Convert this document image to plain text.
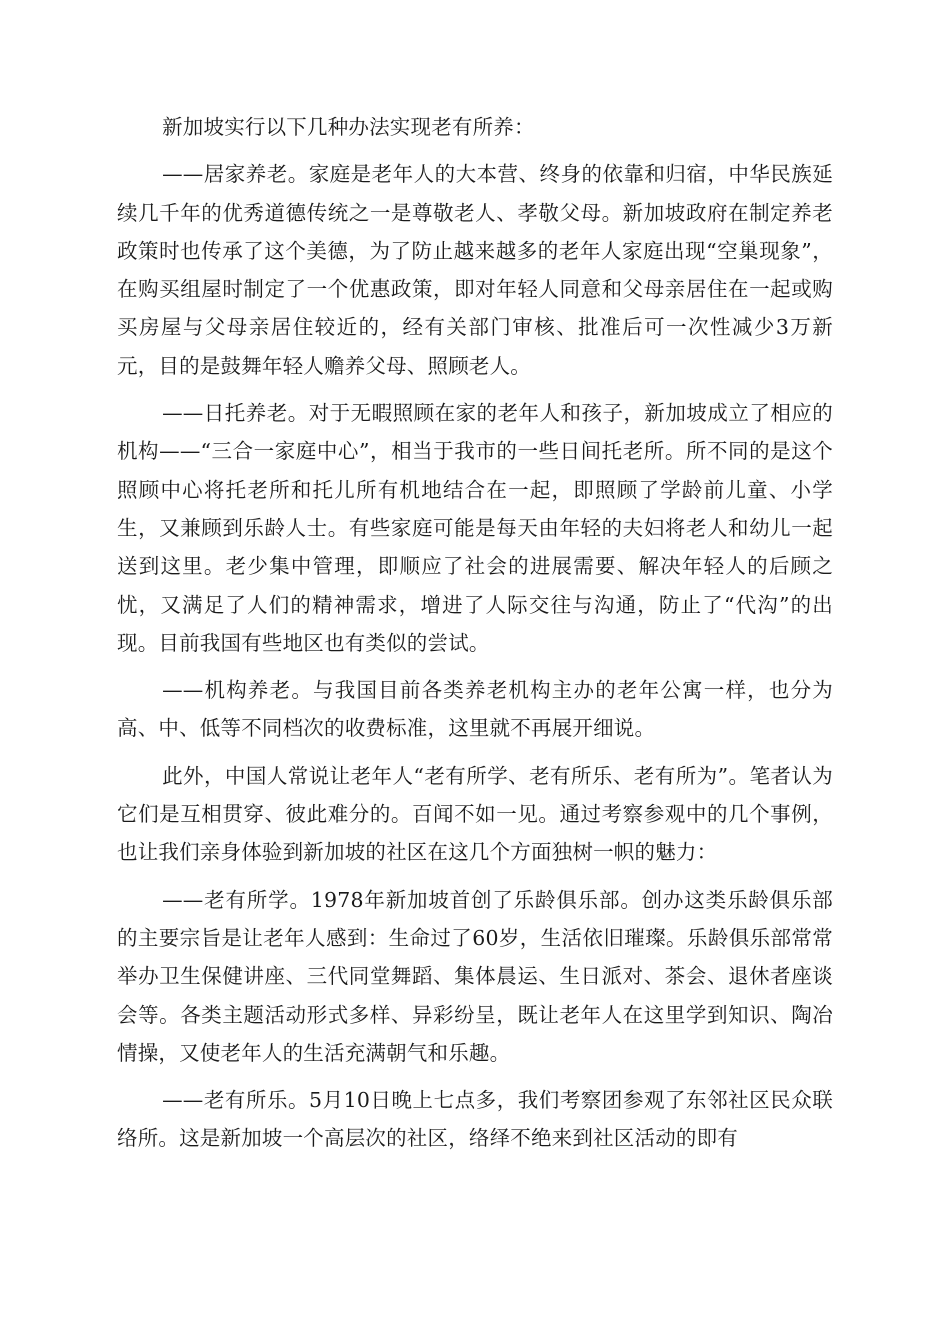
新加坡实行以下几种办法实现老有所养：

——居家养老。家庭是老年人的大本营、终身的依靠和归宿，中华民族延续几千年的优秀道德传统之一是尊敬老人、孝敬父母。新加坡政府在制定养老政策时也传承了这个美德，为了防止越来越多的老年人家庭出现“空巢现象”，在购买组屋时制定了一个优惠政策，即对年轻人同意和父母亲居住在一起或购买房屋与父母亲居住较近的，经有关部门审核、批准后可一次性减少3万新元，目的是鼓舞年轻人赡养父母、照顾老人。

——日托养老。对于无暇照顾在家的老年人和孩子，新加坡成立了相应的机构——“三合一家庭中心”，相当于我市的一些日间托老所。所不同的是这个照顾中心将托老所和托儿所有机地结合在一起，即照顾了学龄前儿童、小学生，又兼顾到乐龄人士。有些家庭可能是每天由年轻的夫妇将老人和幼儿一起送到这里。老少集中管理，即顺应了社会的进展需要、解决年轻人的后顾之忧，又满足了人们的精神需求，增进了人际交往与沟通，防止了“代沟”的出现。目前我国有些地区也有类似的尝试。

——机构养老。与我国目前各类养老机构主办的老年公寓一样，也分为高、中、低等不同档次的收费标准，这里就不再展开细说。

此外，中国人常说让老年人“老有所学、老有所乐、老有所为”。笔者认为它们是互相贯穿、彼此难分的。百闻不如一见。通过考察参观中的几个事例，也让我们亲身体验到新加坡的社区在这几个方面独树一帜的魅力：

——老有所学。1978年新加坡首创了乐龄俱乐部。创办这类乐龄俱乐部的主要宗旨是让老年人感到：生命过了60岁，生活依旧璀璨。乐龄俱乐部常常举办卫生保健讲座、三代同堂舞蹈、集体晨运、生日派对、茶会、退休者座谈会等。各类主题活动形式多样、异彩纷呈，既让老年人在这里学到知识、陶冶情操，又使老年人的生活充满朝气和乐趣。

——老有所乐。5月10日晚上七点多，我们考察团参观了东邻社区民众联络所。这是新加坡一个高层次的社区，络绎不绝来到社区活动的即有
